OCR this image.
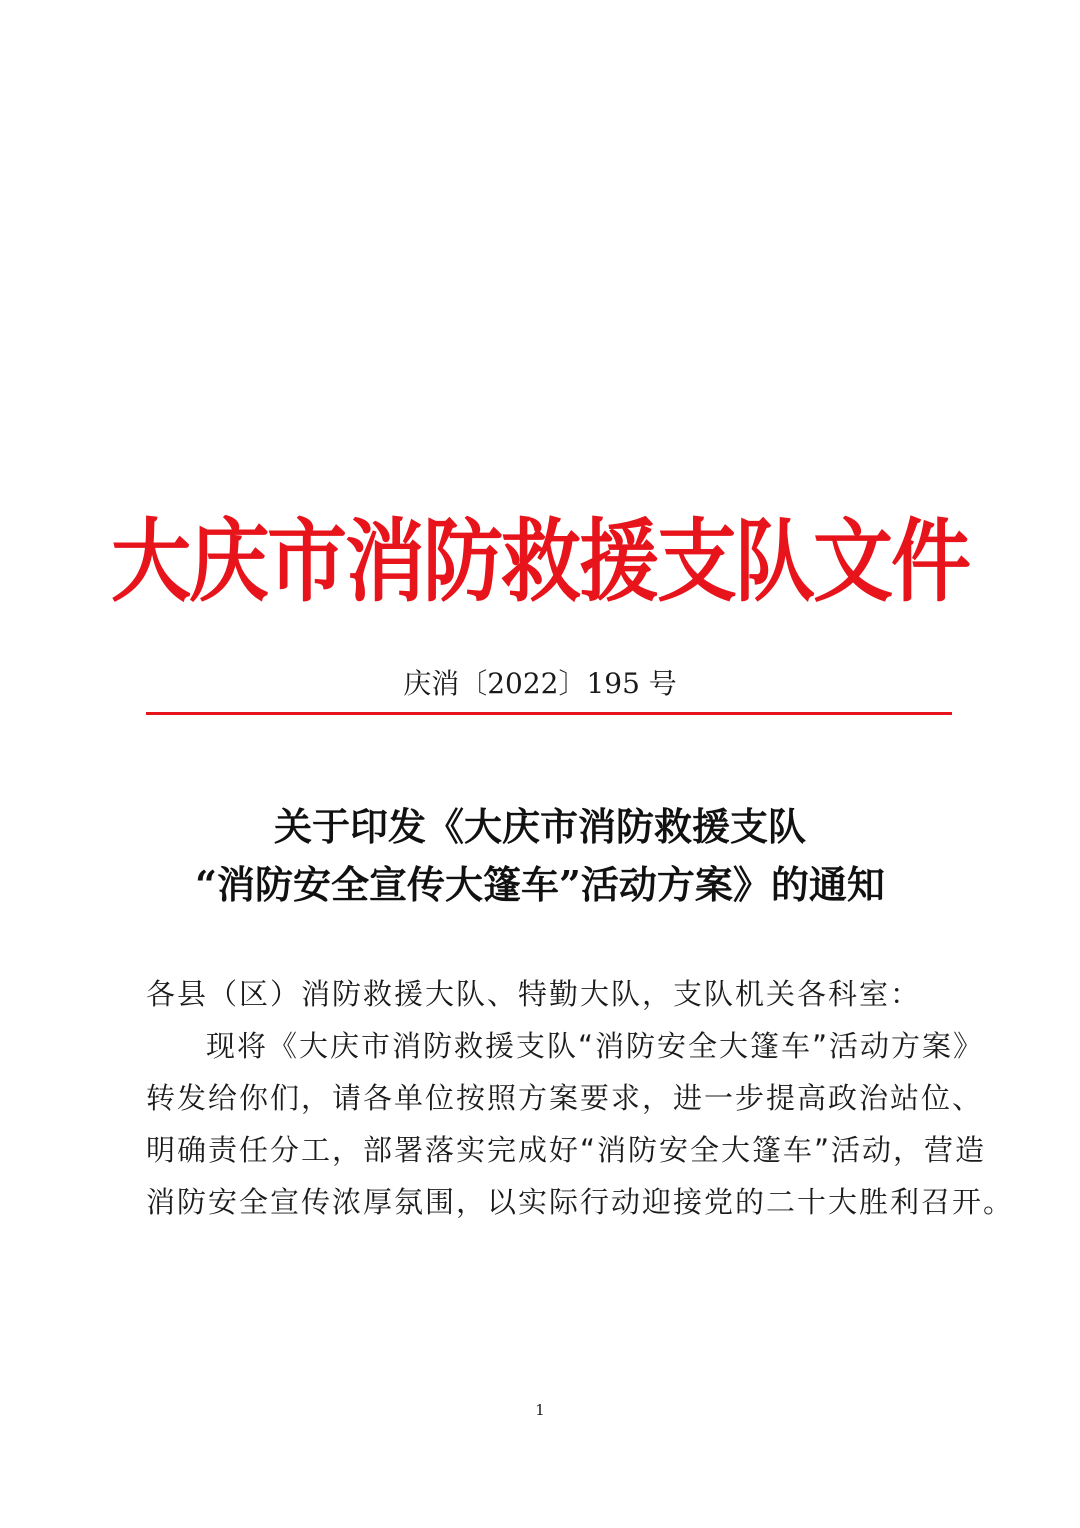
大庆市消防救援支队文件
庆消〔2022〕195 号
关于印发《大庆市消防救援支队
“消防安全宣传大篷车”活动方案》的通知
各县（区）消防救援大队、特勤大队，支队机关各科室：
现将《大庆市消防救援支队“消防安全大篷车”活动方案》
转发给你们，请各单位按照方案要求，进一步提高政治站位、
明确责任分工，部署落实完成好“消防安全大篷车”活动，营造
消防安全宣传浓厚氛围，以实际行动迎接党的二十大胜利召开。
1
